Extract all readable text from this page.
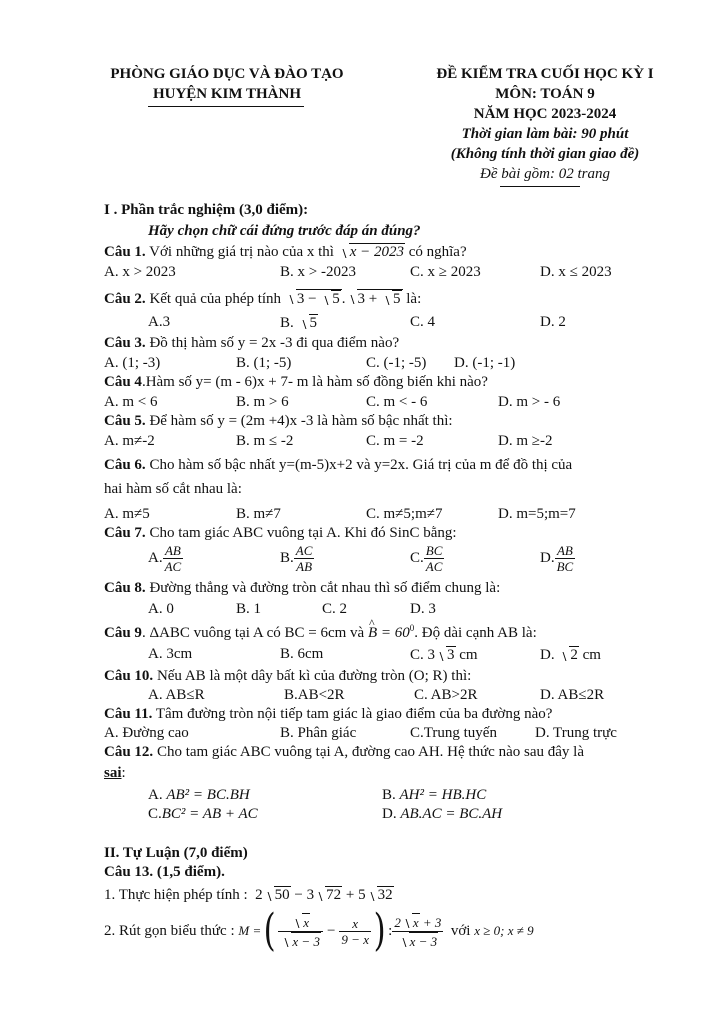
PHÒNG GIÁO DỤC VÀ ĐÀO TẠO
HUYỆN KIM THÀNH
ĐỀ KIỂM TRA CUỐI HỌC KỲ I
MÔN: TOÁN 9
NĂM HỌC 2023-2024
Thời gian làm bài: 90 phút
(Không tính thời gian giao đề)
Đề bài gồm: 02 trang
I . Phần trắc nghiệm (3,0 điểm):
Hãy chọn chữ cái đứng trước đáp án đúng?
Câu 1. Với những giá trị nào của x thì x − 2023 có nghĩa?
A. x > 2023	B. x > -2023	C. x ≥ 2023	D. x ≤ 2023
Câu 2. Kết quả của phép tính 3 − 5 . 3 + 5 là:
A.3	B. 5	C. 4	D. 2
Câu 3. Đồ thị hàm số y = 2x -3 đi qua điểm nào?
A. (1; -3)	B. (1; -5)	C. (-1; -5) D. (-1; -1)
Câu 4.Hàm số y= (m - 6)x + 7- m là hàm số đồng biến khi nào?
A. m < 6	B. m > 6	C. m < - 6	D. m > - 6
Câu 5. Để hàm số y = (2m +4)x -3 là hàm số bậc nhất thì:
A. m≠-2	B. m ≤ -2	C. m = -2	D. m ≥-2
Câu 6. Cho hàm số bậc nhất y=(m-5)x+2 và y=2x. Giá trị của m để đồ thị của
hai hàm số cắt nhau là:
A. m≠5	B. m≠7	C. m≠5;m≠7	D. m=5;m=7
Câu 7. Cho tam giác ABC vuông tại A. Khi đó SinC bằng:
A. $\frac{AB}{AC}$	B. $\frac{AC}{AB}$	C. $\frac{BC}{AC}$	D. $\frac{AB}{BC}$
Câu 8. Đường thẳng và đường tròn cắt nhau thì số điểm chung là:
A. 0	B. 1	C. 2	D. 3
Câu 9. ΔABC vuông tại A có BC = 6cm và B ^ = $60^0$. Độ dài cạnh AB là:
A. 3cm	B. 6cm	C. 3 3 cm	D. 2 cm
Câu 10. Nếu AB là một dây bất kì của đường tròn (O; R) thì:
A. AB≤R	B.AB<2R	C. AB>2R	D. AB≤2R
Câu 11. Tâm đường tròn nội tiếp tam giác là giao điểm của ba đường nào?
A. Đường cao	B. Phân giác	C.Trung tuyến	D. Trung trực
Câu 12. Cho tam giác ABC vuông tại A, đường cao AH. Hệ thức nào sau đây là
sai:
A. AB² = BC.BH	B. AH² = HB.HC
C.BC² = AB + AC	D. AB.AC = BC.AH
II. Tự Luận (7,0 điểm)
Câu 13. (1,5 điểm).
1. Thực hiện phép tính : 2 50 − 3 72 + 5 32
2. Rút gọn biểu thức :
M = ( $\frac{x}{x - 3} - \frac{x}{9 - x}$ ) : $\frac{2 x + 3}{x - 3}$
với
x ≥ 0; x ≠ 9
